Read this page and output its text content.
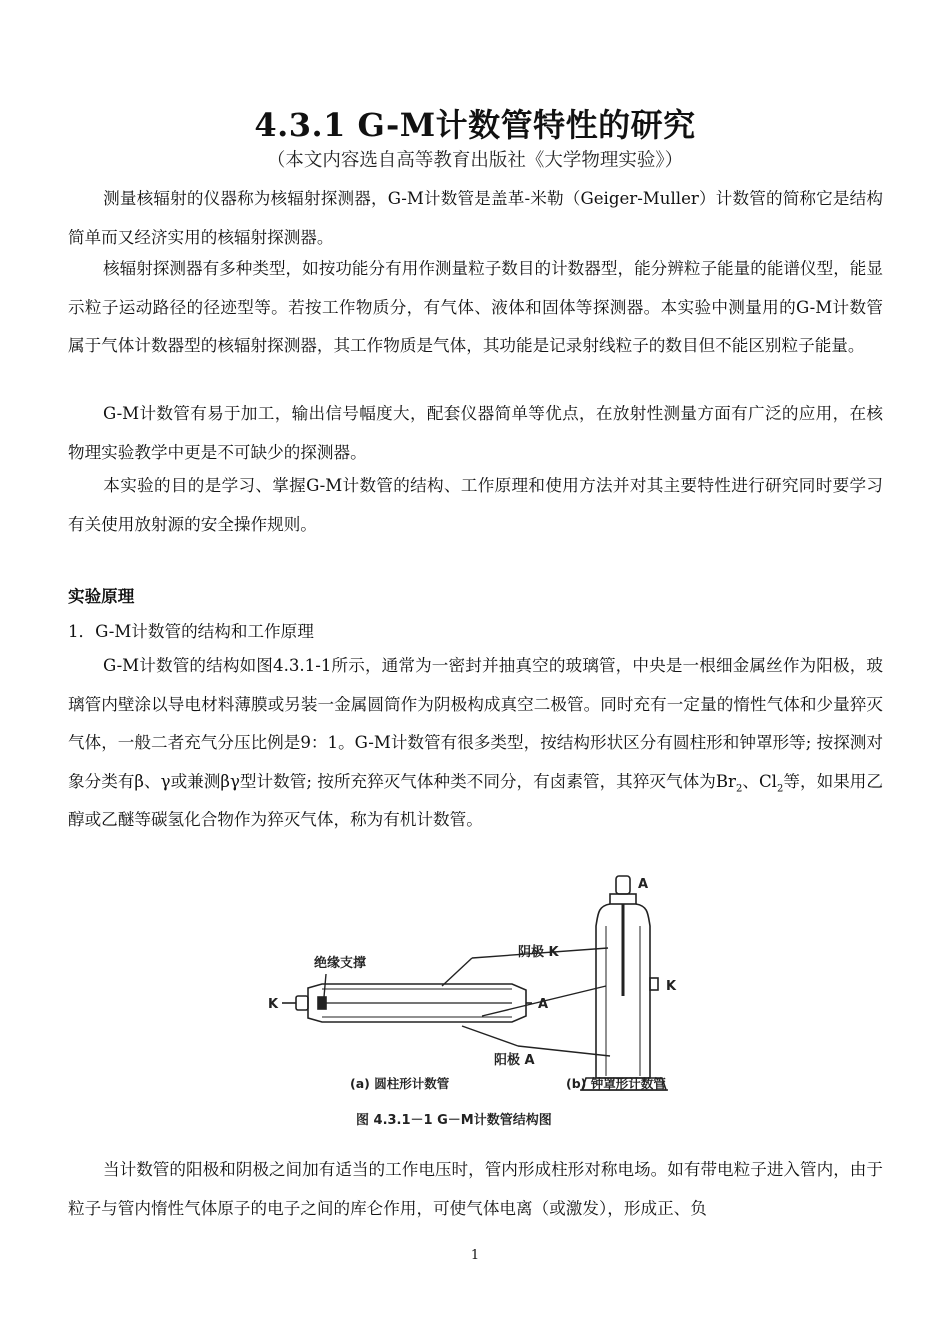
4.3.1 G-M计数管特性的研究
（本文内容选自高等教育出版社《大学物理实验》）

测量核辐射的仪器称为核辐射探测器，G-M计数管是盖革-米勒（Geiger-Muller）计数管的简称它是结构简单而又经济实用的核辐射探测器。

核辐射探测器有多种类型，如按功能分有用作测量粒子数目的计数器型，能分辨粒子能量的能谱仪型，能显示粒子运动路径的径迹型等。若按工作物质分，有气体、液体和固体等探测器。本实验中测量用的G-M计数管属于气体计数器型的核辐射探测器，其工作物质是气体，其功能是记录射线粒子的数目但不能区别粒子能量。

G-M计数管有易于加工，输出信号幅度大，配套仪器简单等优点，在放射性测量方面有广泛的应用，在核物理实验教学中更是不可缺少的探测器。

本实验的目的是学习、掌握G-M计数管的结构、工作原理和使用方法并对其主要特性进行研究同时要学习有关使用放射源的安全操作规则。

实验原理
1．G-M计数管的结构和工作原理

G-M计数管的结构如图4.3.1-1所示，通常为一密封并抽真空的玻璃管，中央是一根细金属丝作为阳极，玻璃管内壁涂以导电材料薄膜或另装一金属圆筒作为阴极构成真空二极管。同时充有一定量的惰性气体和少量猝灭气体，一般二者充气分压比例是9：1。G-M计数管有很多类型，按结构形状区分有圆柱形和钟罩形等; 按探测对象分类有β、γ或兼测βγ型计数管; 按所充猝灭气体种类不同分，有卤素管，其猝灭气体为$Br_2$、$Cl_2$等，如果用乙醇或乙醚等碳氢化合物作为猝灭气体，称为有机计数管。

绝缘支撑
阴极 K
阳极 A
K	A
A
K
(a) 圆柱形计数管	(b) 钟罩形计数管
图 4.3.1－1 G－M计数管结构图

当计数管的阳极和阴极之间加有适当的工作电压时，管内形成柱形对称电场。如有带电粒子进入管内，由于粒子与管内惰性气体原子的电子之间的库仑作用，可使气体电离（或激发），形成正、负

1
